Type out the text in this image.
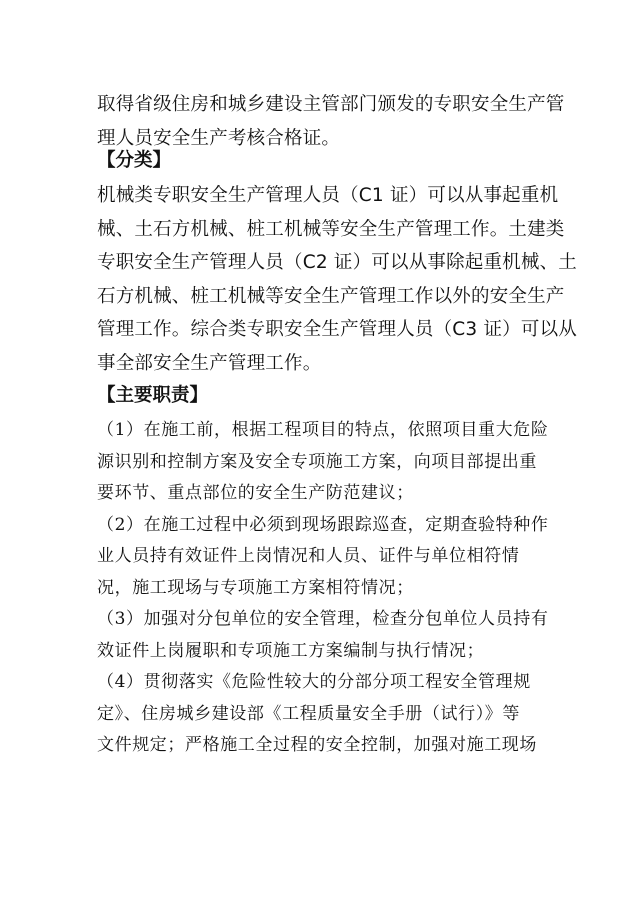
取得省级住房和城乡建设主管部门颁发的专职安全生产管
理人员安全生产考核合格证。

【分类】

机械类专职安全生产管理人员（C1 证）可以从事起重机
械、土石方机械、桩工机械等安全生产管理工作。土建类
专职安全生产管理人员（C2 证）可以从事除起重机械、土
石方机械、桩工机械等安全生产管理工作以外的安全生产
管理工作。综合类专职安全生产管理人员（C3 证）可以从
事全部安全生产管理工作。

【主要职责】

（1）在施工前，根据工程项目的特点，依照项目重大危险
源识别和控制方案及安全专项施工方案，向项目部提出重
要环节、重点部位的安全生产防范建议；
（2）在施工过程中必须到现场跟踪巡查，定期查验特种作
业人员持有效证件上岗情况和人员、证件与单位相符情
况，施工现场与专项施工方案相符情况；
（3）加强对分包单位的安全管理，检查分包单位人员持有
效证件上岗履职和专项施工方案编制与执行情况；
（4）贯彻落实《危险性较大的分部分项工程安全管理规
定》、住房城乡建设部《工程质量安全手册（试行）》等
文件规定；严格施工全过程的安全控制，加强对施工现场
